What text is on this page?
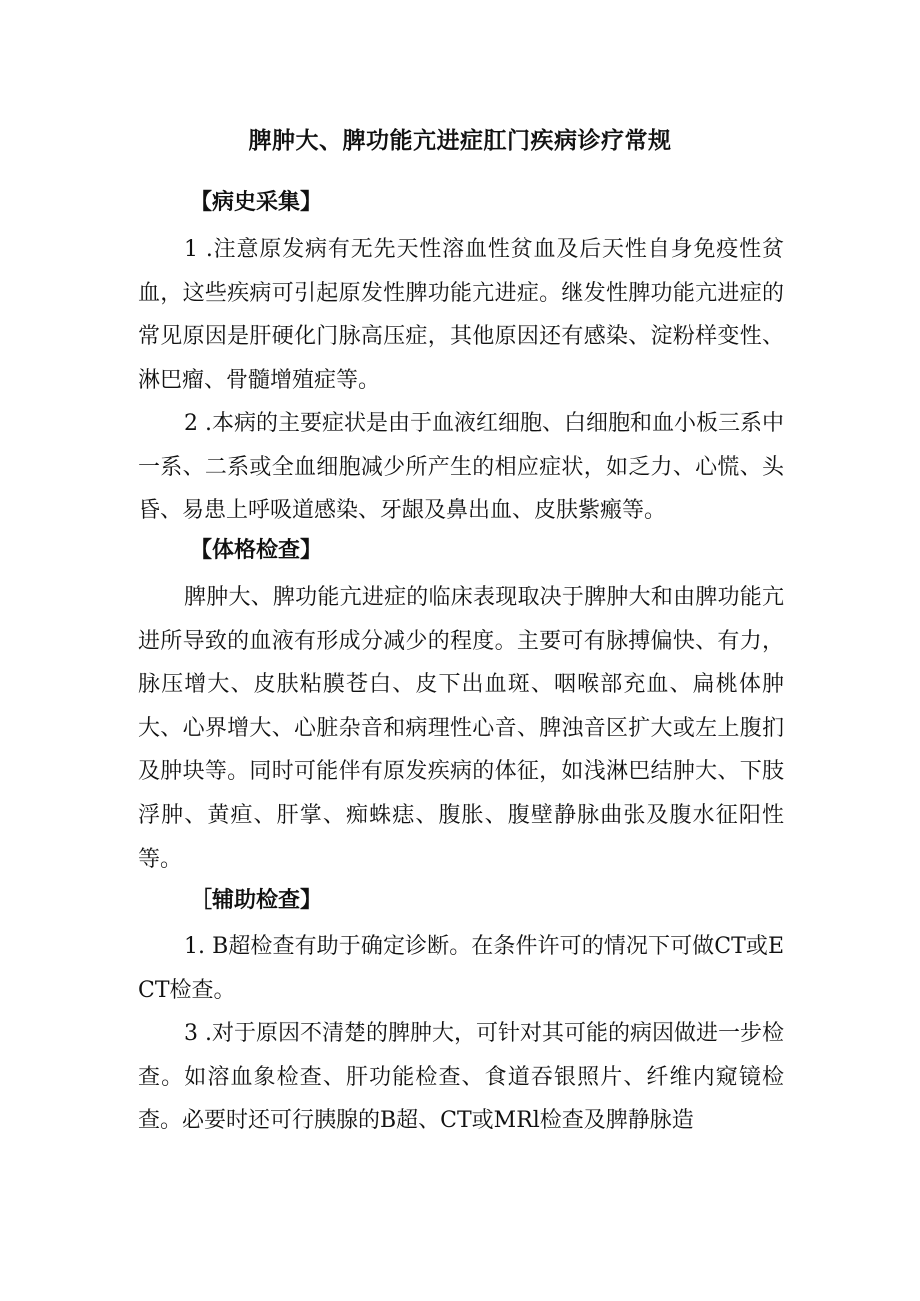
脾肿大、脾功能亢进症肛门疾病诊疗常规
【病史采集】
1 .注意原发病有无先天性溶血性贫血及后天性自身免疫性贫血，这些疾病可引起原发性脾功能亢进症。继发性脾功能亢进症的常见原因是肝硬化门脉高压症，其他原因还有感染、淀粉样变性、淋巴瘤、骨髓增殖症等。
2 .本病的主要症状是由于血液红细胞、白细胞和血小板三系中一系、二系或全血细胞减少所产生的相应症状，如乏力、心慌、头昏、易患上呼吸道感染、牙龈及鼻出血、皮肤紫瘢等。
【体格检查】
脾肿大、脾功能亢进症的临床表现取决于脾肿大和由脾功能亢进所导致的血液有形成分减少的程度。主要可有脉搏偏快、有力，脉压增大、皮肤粘膜苍白、皮下出血斑、咽喉部充血、扁桃体肿大、心界增大、心脏杂音和病理性心音、脾浊音区扩大或左上腹扪及肿块等。同时可能伴有原发疾病的体征，如浅淋巴结肿大、下肢浮肿、黄疸、肝掌、痴蛛痣、腹胀、腹壁静脉曲张及腹水征阳性等。
［辅助检查】
1. B超检查有助于确定诊断。在条件许可的情况下可做CT或ECT检查。
3 .对于原因不清楚的脾肿大，可针对其可能的病因做进一步检查。如溶血象检查、肝功能检查、食道吞银照片、纤维内窥镜检查。必要时还可行胰腺的B超、CT或MRl检查及脾静脉造
